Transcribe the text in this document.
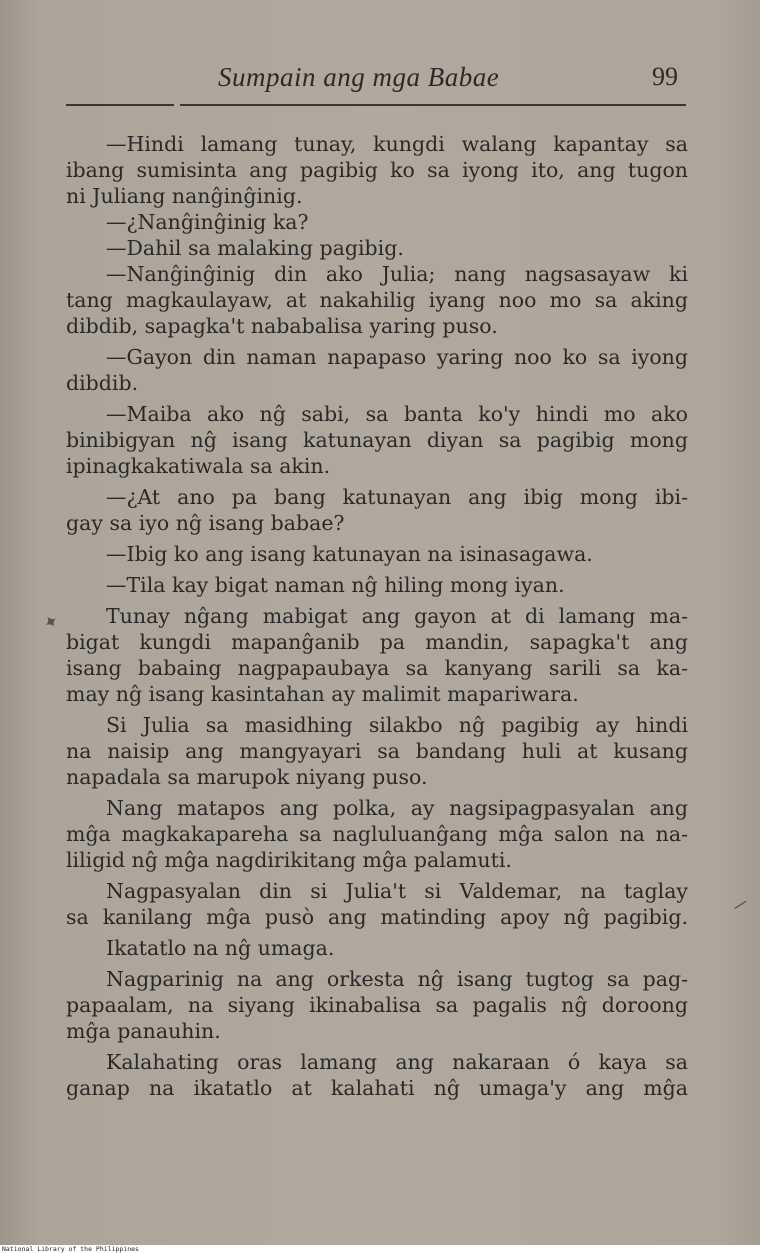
Sumpain ang mga Babae	99
—Hindi lamang tunay, kungdi walang kapantay sa
ibang sumisinta ang pagibig ko sa iyong ito, ang tugon
ni Juliang nanĝinĝinig.
—¿Nanĝinĝinig ka?
—Dahil sa malaking pagibig.
—Nanĝinĝinig din ako Julia; nang nagsasayaw ki
tang magkaulayaw, at nakahilig iyang noo mo sa aking
dibdib, sapagka't nababalisa yaring puso.
—Gayon din naman napapaso yaring noo ko sa iyong
dibdib.
—Maiba ako nĝ sabi, sa banta ko'y hindi mo ako
binibigyan nĝ isang katunayan diyan sa pagibig mong
ipinagkakatiwala sa akin.
—¿At ano pa bang katunayan ang ibig mong ibi-
gay sa iyo nĝ isang babae?
—Ibig ko ang isang katunayan na isinasagawa.
—Tila kay bigat naman nĝ hiling mong iyan.
Tunay nĝang mabigat ang gayon at di lamang ma-
bigat kungdi mapanĝanib pa mandin, sapagka't ang
isang babaing nagpapaubaya sa kanyang sarili sa ka-
may nĝ isang kasintahan ay malimit mapariwara.
Si Julia sa masidhing silakbo nĝ pagibig ay hindi
na naisip ang mangyayari sa bandang huli at kusang
napadala sa marupok niyang puso.
Nang matapos ang polka, ay nagsipagpasyalan ang
mĝa magkakapareha sa nagluluanĝang mĝa salon na na-
liligid nĝ mĝa nagdirikitang mĝa palamuti.
Nagpasyalan din si Julia't si Valdemar, na taglay
sa kanilang mĝa pusò ang matinding apoy nĝ pagibig.
Ikatatlo na nĝ umaga.
Nagparinig na ang orkesta nĝ isang tugtog sa pag-
papaalam, na siyang ikinabalisa sa pagalis nĝ doroong
mĝa panauhin.
Kalahating oras lamang ang nakaraan ó kaya sa
ganap na ikatatlo at kalahati nĝ umaga'y ang mĝa
✦
∕
National Library of the Philippines
